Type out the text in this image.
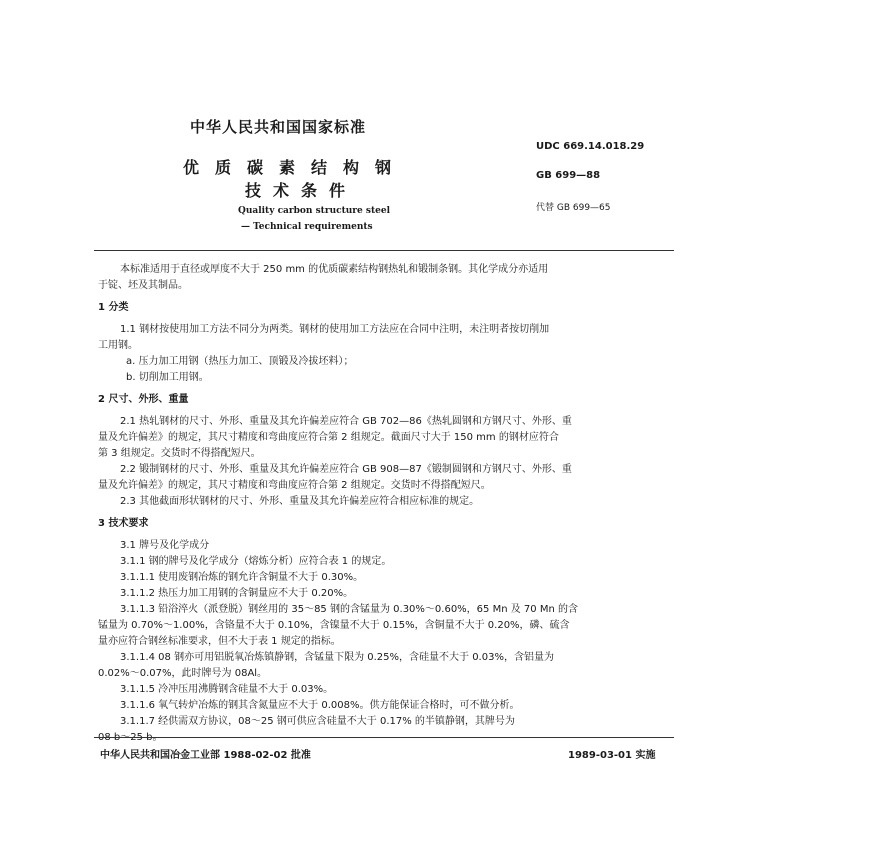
中华人民共和国国家标准
UDC 669.14.018.29
优质碳素结构钢	GB 699—88
技术条件
代替 GB 699—65
Quality carbon structure steel
— Technical requirements

本标准适用于直径或厚度不大于 250 mm 的优质碳素结构钢热轧和锻制条钢。其化学成分亦适用

于锭、坯及其制品。

1 分类

1.1 钢材按使用加工方法不同分为两类。钢材的使用加工方法应在合同中注明，未注明者按切削加

工用钢。

a. 压力加工用钢（热压力加工、顶锻及冷拔坯料）；

b. 切削加工用钢。

2 尺寸、外形、重量

2.1 热轧钢材的尺寸、外形、重量及其允许偏差应符合 GB 702—86《热轧圆钢和方钢尺寸、外形、重

量及允许偏差》的规定，其尺寸精度和弯曲度应符合第 2 组规定。截面尺寸大于 150 mm 的钢材应符合

第 3 组规定。交货时不得搭配短尺。

2.2 锻制钢材的尺寸、外形、重量及其允许偏差应符合 GB 908—87《锻制圆钢和方钢尺寸、外形、重

量及允许偏差》的规定，其尺寸精度和弯曲度应符合第 2 组规定。交货时不得搭配短尺。

2.3 其他截面形状钢材的尺寸、外形、重量及其允许偏差应符合相应标准的规定。

3 技术要求

3.1 牌号及化学成分

3.1.1 钢的牌号及化学成分（熔炼分析）应符合表 1 的规定。

3.1.1.1 使用废钢冶炼的钢允许含铜量不大于 0.30%。

3.1.1.2 热压力加工用钢的含铜量应不大于 0.20%。

3.1.1.3 铅浴淬火（派登脱）钢丝用的 35～85 钢的含锰量为 0.30%～0.60%，65 Mn 及 70 Mn 的含

锰量为 0.70%～1.00%，含铬量不大于 0.10%，含镍量不大于 0.15%，含铜量不大于 0.20%，磷、硫含

量亦应符合钢丝标准要求，但不大于表 1 规定的指标。

3.1.1.4 08 钢亦可用铝脱氧冶炼镇静钢，含锰量下限为 0.25%，含硅量不大于 0.03%，含铝量为

0.02%～0.07%，此时牌号为 08Al。

3.1.1.5 冷冲压用沸腾钢含硅量不大于 0.03%。

3.1.1.6 氧气转炉冶炼的钢其含氮量应不大于 0.008%。供方能保证合格时，可不做分析。

3.1.1.7 经供需双方协议，08～25 钢可供应含硅量不大于 0.17% 的半镇静钢，其牌号为

08 b～25 b。

中华人民共和国冶金工业部 1988-02-02 批准	1989-03-01 实施
